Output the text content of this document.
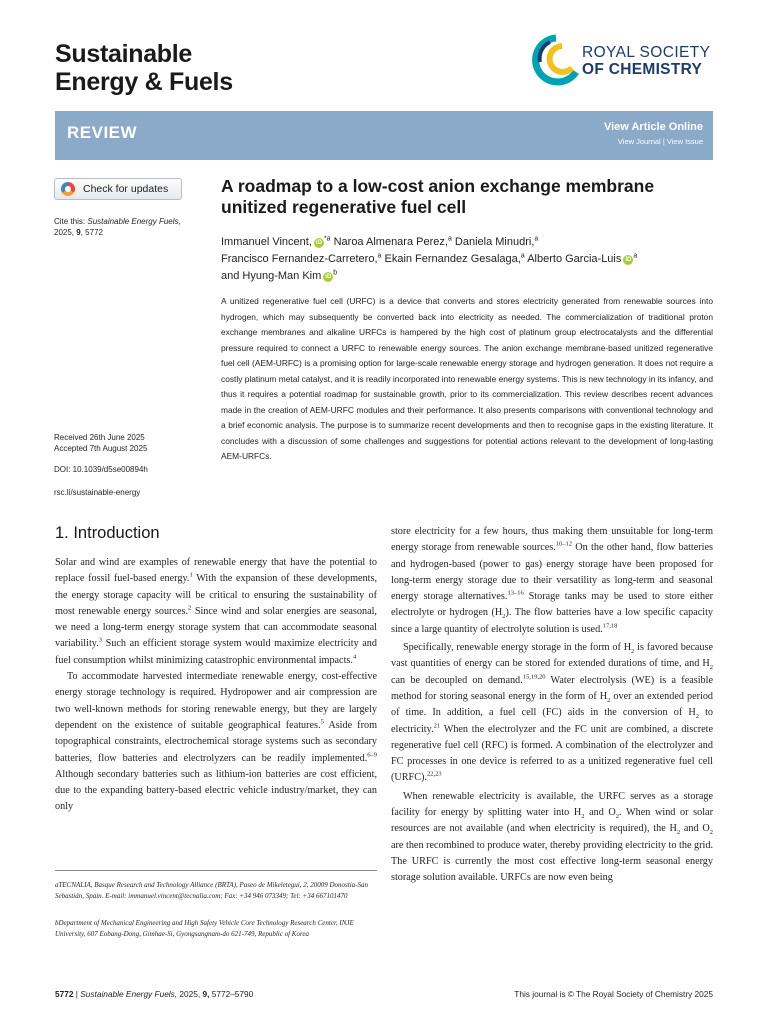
Sustainable
Energy & Fuels
ROYAL SOCIETY
OF CHEMISTRY
REVIEW	View Article Online
View Journal | View Issue
Check for updates
Cite this: Sustainable Energy Fuels,
2025, 9, 5772
Received 26th June 2025
Accepted 7th August 2025
DOI: 10.1039/d5se00894h
rsc.li/sustainable-energy
A roadmap to a low-cost anion exchange membrane unitized regenerative fuel cell
Immanuel Vincent, $iD^{*a}$ Naroa Almenara Perez,$^a$ Daniela Minudri,$^a$
Francisco Fernandez-Carretero,$^a$ Ekain Fernandez Gesalaga,$^a$ Alberto Garcia-Luis $iD^a$
and Hyung-Man Kim $iD^b$
A unitized regenerative fuel cell (URFC) is a device that converts and stores electricity generated from renewable sources into hydrogen, which may subsequently be converted back into electricity as needed. The commercialization of traditional proton exchange membranes and alkaline URFCs is hampered by the high cost of platinum group electrocatalysts and the differential pressure required to connect a URFC to renewable energy sources. The anion exchange membrane-based unitized regenerative fuel cell (AEM-URFC) is a promising option for large-scale renewable energy storage and hydrogen generation. It does not require a costly platinum metal catalyst, and it is readily incorporated into renewable energy systems. This is new technology in its infancy, and thus it requires a potential roadmap for sustainable growth, prior to its commercialization. This review describes recent advances made in the creation of AEM-URFC modules and their performance. It also presents comparisons with conventional technology and a brief economic analysis. The purpose is to summarize recent developments and then to recognise gaps in the existing literature. It concludes with a discussion of some challenges and suggestions for potential actions relevant to the development of long-lasting AEM-URFCs.
1. Introduction

Solar and wind are examples of renewable energy that have the potential to replace fossil fuel-based energy.$^1$ With the expansion of these developments, the energy storage capacity will be critical to ensuring the sustainability of most renewable energy sources.$^2$ Since wind and solar energies are seasonal, we need a long-term energy storage system that can accommodate seasonal variability.$^3$ Such an efficient storage system would maximize electricity and fuel consumption whilst minimizing catastrophic environmental impacts.$^4$

To accommodate harvested intermediate renewable energy, cost-effective energy storage technology is required. Hydropower and air compression are two well-known methods for storing renewable energy, but they are largely dependent on the existence of suitable geographical features.$^5$ Aside from topographical constraints, electrochemical storage systems such as secondary batteries, flow batteries and electrolyzers can be readily implemented.$^{6-9}$ Although secondary batteries such as lithium-ion batteries are cost efficient, due to the expanding battery-based electric vehicle industry/market, they can only

store electricity for a few hours, thus making them unsuitable for long-term energy storage from renewable sources.$^{10-12}$ On the other hand, flow batteries and hydrogen-based (power to gas) energy storage have been proposed for long-term energy storage due to their versatility as long-term and seasonal energy storage alternatives.$^{13-16}$ Storage tanks may be used to store either electrolyte or hydrogen $(H_2)$. The flow batteries have a low specific capacity since a large quantity of electrolyte solution is used.$^{17,18}$

Specifically, renewable energy storage in the form of $H_2$ is favored because vast quantities of energy can be stored for extended durations of time, and $H_2$ can be decoupled on demand.$^{15,19,20}$ Water electrolysis (WE) is a feasible method for storing seasonal energy in the form of $H_2$ over an extended period of time. In addition, a fuel cell (FC) aids in the conversion of $H_2$ to electricity.$^{21}$ When the electrolyzer and the FC unit are combined, a discrete regenerative fuel cell (RFC) is formed. A combination of the electrolyzer and FC processes in one device is referred to as a unitized regenerative fuel cell (URFC).$^{22,23}$

When renewable electricity is available, the URFC serves as a storage facility for energy by splitting water into $H_2$ and $O_2$. When wind or solar resources are not available (and when electricity is required), the $H_2$ and $O_2$ are then recombined to produce water, thereby providing electricity to the grid. The URFC is currently the most cost effective long-term seasonal energy storage solution available. URFCs are now even being

aTECNALIA, Basque Research and Technology Alliance (BRTA), Paseo de Mikeletegui, 2, 20009 Donostia-San Sebastián, Spain. E-mail: immanuel.vincent@tecnalia.com; Fax: +34 946 073349; Tel: +34 667101470
bDepartment of Mechanical Engineering and High Safety Vehicle Core Technology Research Center, INJE University, 607 Eobang-Dong, Gimhae-Si, Gyongsangnam-do 621-749, Republic of Korea
5772 | Sustainable Energy Fuels, 2025, 9, 5772–5790	This journal is © The Royal Society of Chemistry 2025
